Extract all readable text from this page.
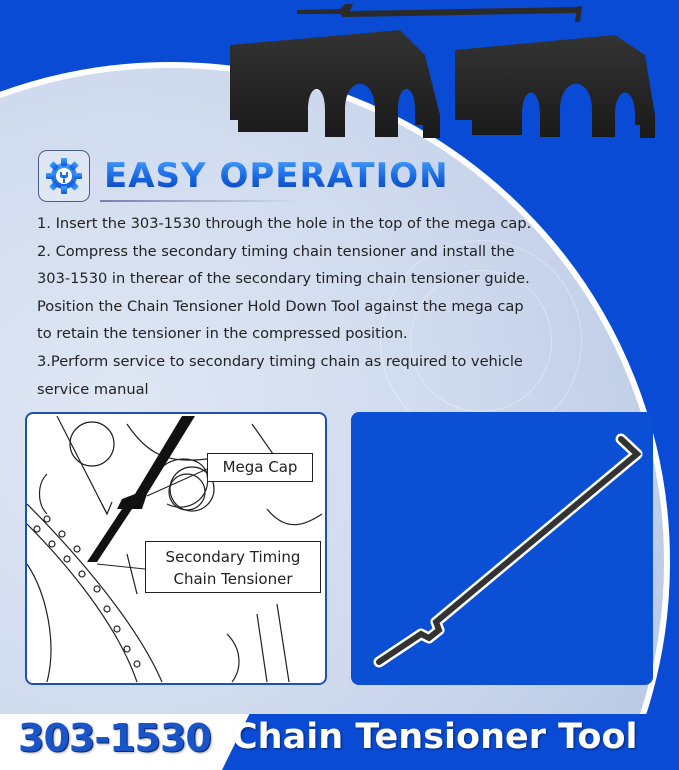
EASY OPERATION

1. Insert the 303-1530 through the hole in the top of the mega cap.

2. Compress the secondary timing chain tensioner and install the

303-1530 in therear of the secondary timing chain tensioner guide.

Position the Chain Tensioner Hold Down Tool against the mega cap

to retain the tensioner in the compressed position.

3.Perform service to secondary timing chain as required to vehicle

service manual

Mega Cap
Secondary Timing
Chain Tensioner
303-1530 Chain Tensioner Tool
